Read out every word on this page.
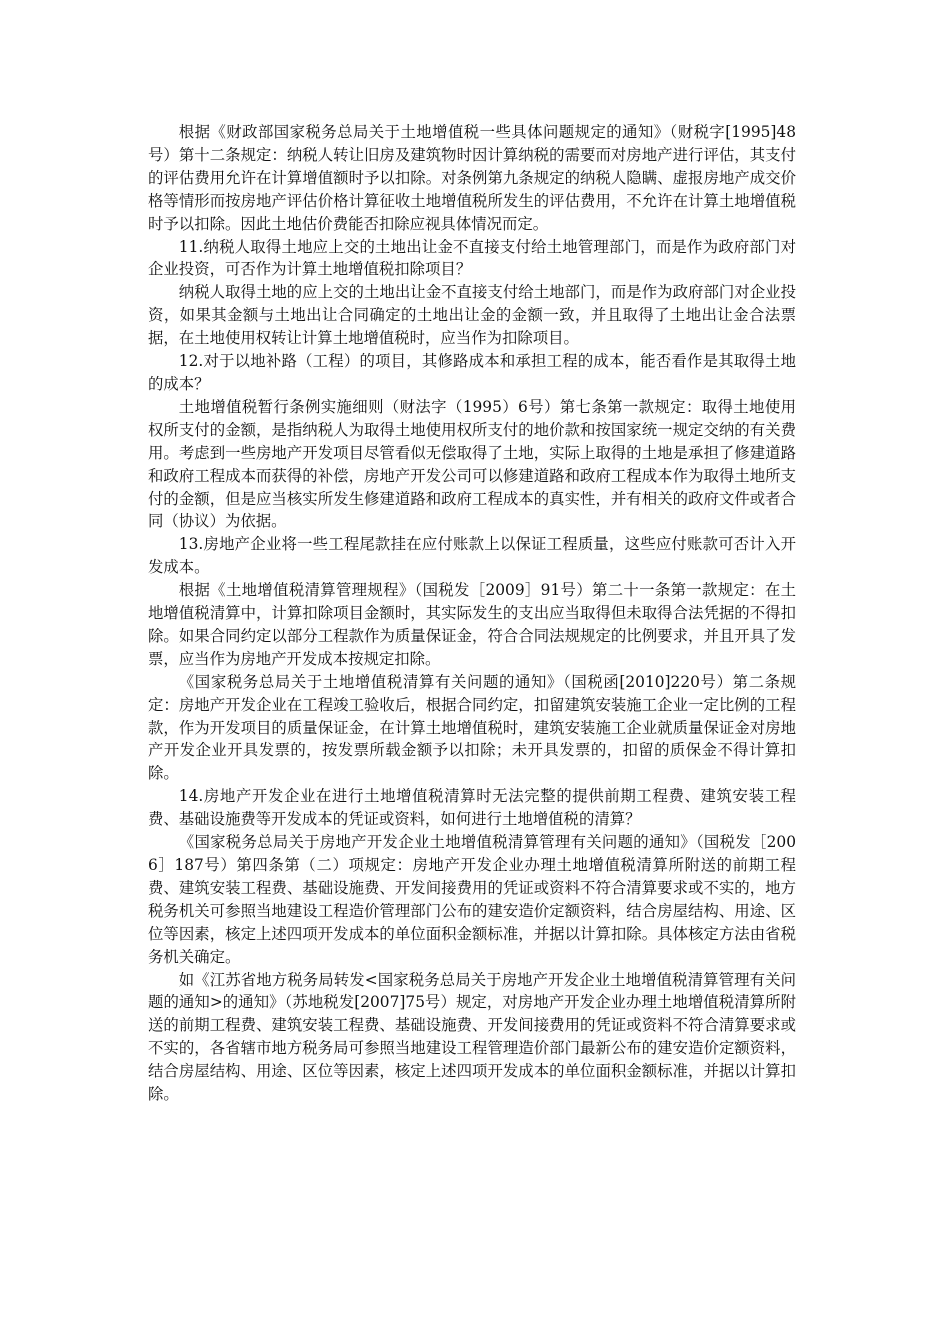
根据《财政部国家税务总局关于土地增值税一些具体问题规定的通知》（财税字[1995]48号）第十二条规定：纳税人转让旧房及建筑物时因计算纳税的需要而对房地产进行评估，其支付的评估费用允许在计算增值额时予以扣除。对条例第九条规定的纳税人隐瞒、虚报房地产成交价格等情形而按房地产评估价格计算征收土地增值税所发生的评估费用，不允许在计算土地增值税时予以扣除。因此土地估价费能否扣除应视具体情况而定。

11.纳税人取得土地应上交的土地出让金不直接支付给土地管理部门，而是作为政府部门对企业投资，可否作为计算土地增值税扣除项目？

纳税人取得土地的应上交的土地出让金不直接支付给土地部门，而是作为政府部门对企业投资，如果其金额与土地出让合同确定的土地出让金的金额一致，并且取得了土地出让金合法票据，在土地使用权转让计算土地增值税时，应当作为扣除项目。

12.对于以地补路（工程）的项目，其修路成本和承担工程的成本，能否看作是其取得土地的成本？

土地增值税暂行条例实施细则（财法字（1995）6号）第七条第一款规定：取得土地使用权所支付的金额，是指纳税人为取得土地使用权所支付的地价款和按国家统一规定交纳的有关费用。考虑到一些房地产开发项目尽管看似无偿取得了土地，实际上取得的土地是承担了修建道路和政府工程成本而获得的补偿，房地产开发公司可以修建道路和政府工程成本作为取得土地所支付的金额，但是应当核实所发生修建道路和政府工程成本的真实性，并有相关的政府文件或者合同（协议）为依据。

13.房地产企业将一些工程尾款挂在应付账款上以保证工程质量，这些应付账款可否计入开发成本。

根据《土地增值税清算管理规程》（国税发［2009］91号）第二十一条第一款规定：在土地增值税清算中，计算扣除项目金额时，其实际发生的支出应当取得但未取得合法凭据的不得扣除。如果合同约定以部分工程款作为质量保证金，符合合同法规规定的比例要求，并且开具了发票，应当作为房地产开发成本按规定扣除。

《国家税务总局关于土地增值税清算有关问题的通知》（国税函[2010]220号）第二条规定：房地产开发企业在工程竣工验收后，根据合同约定，扣留建筑安装施工企业一定比例的工程款，作为开发项目的质量保证金，在计算土地增值税时，建筑安装施工企业就质量保证金对房地产开发企业开具发票的，按发票所载金额予以扣除；未开具发票的，扣留的质保金不得计算扣除。

14.房地产开发企业在进行土地增值税清算时无法完整的提供前期工程费、建筑安装工程费、基础设施费等开发成本的凭证或资料，如何进行土地增值税的清算？

《国家税务总局关于房地产开发企业土地增值税清算管理有关问题的通知》（国税发［2006］187号）第四条第（二）项规定：房地产开发企业办理土地增值税清算所附送的前期工程费、建筑安装工程费、基础设施费、开发间接费用的凭证或资料不符合清算要求或不实的，地方税务机关可参照当地建设工程造价管理部门公布的建安造价定额资料，结合房屋结构、用途、区位等因素，核定上述四项开发成本的单位面积金额标准，并据以计算扣除。具体核定方法由省税务机关确定。

如《江苏省地方税务局转发<国家税务总局关于房地产开发企业土地增值税清算管理有关问题的通知>的通知》（苏地税发[2007]75号）规定，对房地产开发企业办理土地增值税清算所附送的前期工程费、建筑安装工程费、基础设施费、开发间接费用的凭证或资料不符合清算要求或不实的，各省辖市地方税务局可参照当地建设工程管理造价部门最新公布的建安造价定额资料， 结合房屋结构、用途、区位等因素，核定上述四项开发成本的单位面积金额标准，并据以计算扣除。
